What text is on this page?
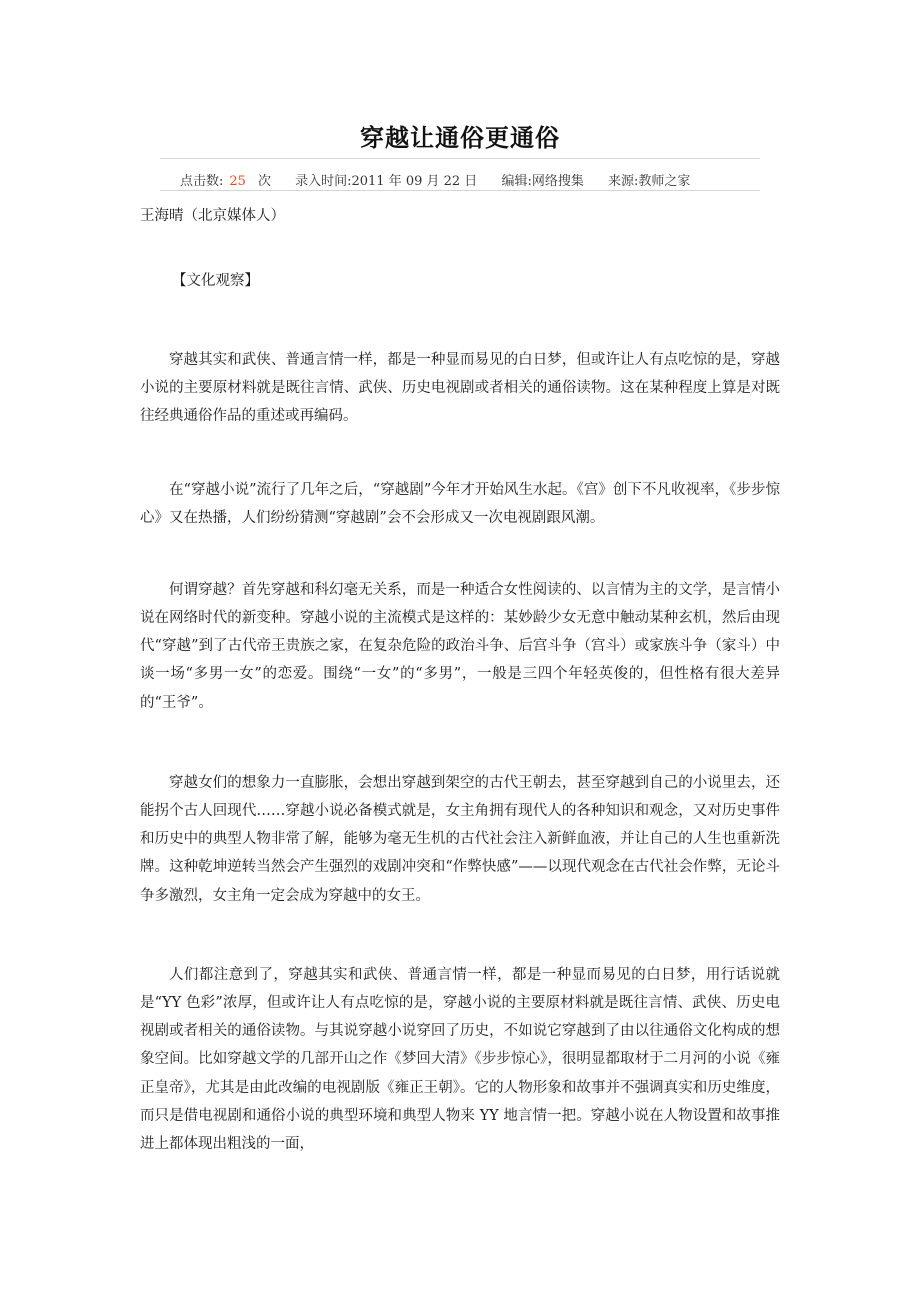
穿越让通俗更通俗
点击数: 25 次 录入时间:2011 年 09 月 22 日 编辑:网络搜集 来源:教师之家
王海晴（北京媒体人）
【文化观察】

穿越其实和武侠、普通言情一样，都是一种显而易见的白日梦，但或许让人有点吃惊的是，穿越小说的主要原材料就是既往言情、武侠、历史电视剧或者相关的通俗读物。这在某种程度上算是对既往经典通俗作品的重述或再编码。

在“穿越小说”流行了几年之后，“穿越剧”今年才开始风生水起。《宫》创下不凡收视率，《步步惊心》又在热播，人们纷纷猜测“穿越剧”会不会形成又一次电视剧跟风潮。

何谓穿越？首先穿越和科幻毫无关系，而是一种适合女性阅读的、以言情为主的文学，是言情小说在网络时代的新变种。穿越小说的主流模式是这样的：某妙龄少女无意中触动某种玄机，然后由现代“穿越”到了古代帝王贵族之家，在复杂危险的政治斗争、后宫斗争（宫斗）或家族斗争（家斗）中谈一场“多男一女”的恋爱。围绕“一女”的“多男”，一般是三四个年轻英俊的，但性格有很大差异的“王爷”。

穿越女们的想象力一直膨胀，会想出穿越到架空的古代王朝去，甚至穿越到自己的小说里去，还能拐个古人回现代……穿越小说必备模式就是，女主角拥有现代人的各种知识和观念，又对历史事件和历史中的典型人物非常了解，能够为毫无生机的古代社会注入新鲜血液，并让自己的人生也重新洗牌。这种乾坤逆转当然会产生强烈的戏剧冲突和“作弊快感”——以现代观念在古代社会作弊，无论斗争多激烈，女主角一定会成为穿越中的女王。

人们都注意到了，穿越其实和武侠、普通言情一样，都是一种显而易见的白日梦，用行话说就是“YY 色彩”浓厚，但或许让人有点吃惊的是，穿越小说的主要原材料就是既往言情、武侠、历史电视剧或者相关的通俗读物。与其说穿越小说穿回了历史，不如说它穿越到了由以往通俗文化构成的想象空间。比如穿越文学的几部开山之作《梦回大清》《步步惊心》，很明显都取材于二月河的小说《雍正皇帝》，尤其是由此改编的电视剧版《雍正王朝》。它的人物形象和故事并不强调真实和历史维度，而只是借电视剧和通俗小说的典型环境和典型人物来 YY 地言情一把。穿越小说在人物设置和故事推进上都体现出粗浅的一面，
